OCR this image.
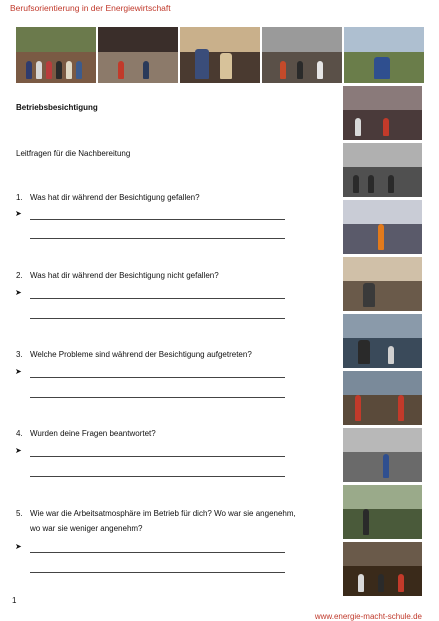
Berufsorientierung in der Energiewirtschaft
Betriebsbesichtigung
Leitfragen für die Nachbereitung
1. Was hat dir während der Besichtigung gefallen?
➤
2. Was hat dir während der Besichtigung nicht gefallen?
➤
3. Welche Probleme sind während der Besichtigung aufgetreten?
➤
4. Wurden deine Fragen beantwortet?
➤
5. Wie war die Arbeitsatmosphäre im Betrieb für dich? Wo war sie angenehm, wo war sie weniger angenehm?
➤
1
www.energie-macht-schule.de
